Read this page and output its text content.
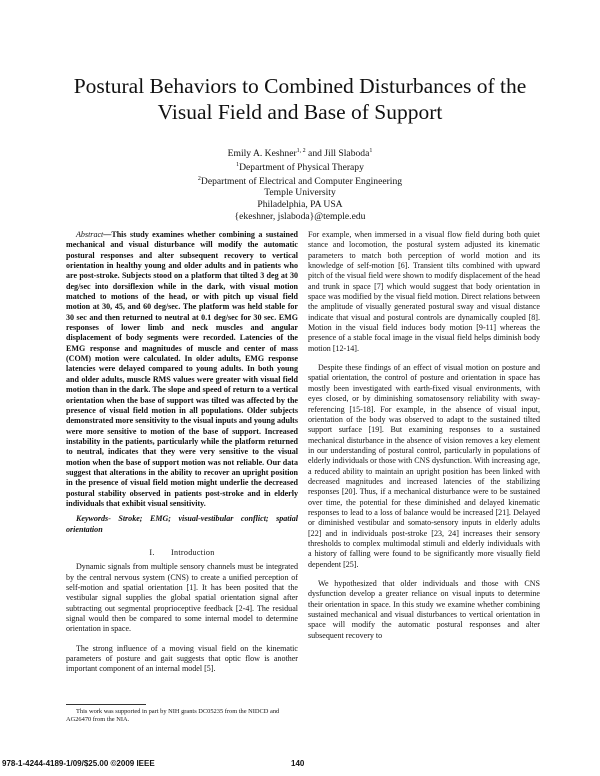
Postural Behaviors to Combined Disturbances of the
Visual Field and Base of Support
Emily A. Keshner$^{1, 2}$ and Jill Slaboda$^1$
$^1$Department of Physical Therapy
$^2$Department of Electrical and Computer Engineering
Temple University
Philadelphia, PA USA
{ekeshner, jslaboda}@temple.edu

Abstract—This study examines whether combining a sustained mechanical and visual disturbance will modify the automatic postural responses and alter subsequent recovery to vertical orientation in healthy young and older adults and in patients who are post-stroke. Subjects stood on a platform that tilted 3 deg at 30 deg/sec into dorsiflexion while in the dark, with visual motion matched to motions of the head, or with pitch up visual field motion at 30, 45, and 60 deg/sec. The platform was held stable for 30 sec and then returned to neutral at 0.1 deg/sec for 30 sec. EMG responses of lower limb and neck muscles and angular displacement of body segments were recorded. Latencies of the EMG response and magnitudes of muscle and center of mass (COM) motion were calculated. In older adults, EMG response latencies were delayed compared to young adults. In both young and older adults, muscle RMS values were greater with visual field motion than in the dark. The slope and speed of return to a vertical orientation when the base of support was tilted was affected by the presence of visual field motion in all populations. Older subjects demonstrated more sensitivity to the visual inputs and young adults were more sensitive to motion of the base of support. Increased instability in the patients, particularly while the platform returned to neutral, indicates that they were very sensitive to the visual motion when the base of support motion was not reliable. Our data suggest that alterations in the ability to recover an upright position in the presence of visual field motion might underlie the decreased postural stability observed in patients post-stroke and in elderly individuals that exhibit visual sensitivity.

Keywords- Stroke; EMG; visual-vestibular conflict; spatial orientation

I.       Introduction

Dynamic signals from multiple sensory channels must be integrated by the central nervous system (CNS) to create a unified perception of self-motion and spatial orientation [1]. It has been posited that the vestibular signal supplies the global spatial orientation signal after subtracting out segmental proprioceptive feedback [2-4]. The residual signal would then be compared to some internal model to determine orientation in space.

The strong influence of a moving visual field on the kinematic parameters of posture and gait suggests that optic flow is another important component of an internal model [5].

This work was supported in part by NIH grants DC05235 from the NIDCD and AG26470 from the NIA.

For example, when immersed in a visual flow field during both quiet stance and locomotion, the postural system adjusted its kinematic parameters to match both perception of world motion and its knowledge of self-motion [6]. Transient tilts combined with upward pitch of the visual field were shown to modify displacement of the head and trunk in space [7] which would suggest that body orientation in space was modified by the visual field motion. Direct relations between the amplitude of visually generated postural sway and visual distance indicate that visual and postural controls are dynamically coupled [8]. Motion in the visual field induces body motion [9-11] whereas the presence of a stable focal image in the visual field helps diminish body motion [12-14].

Despite these findings of an effect of visual motion on posture and spatial orientation, the control of posture and orientation in space has mostly been investigated with earth-fixed visual environments, with eyes closed, or by diminishing somatosensory reliability with sway-referencing [15-18]. For example, in the absence of visual input, orientation of the body was observed to adapt to the sustained tilted support surface [19]. But examining responses to a sustained mechanical disturbance in the absence of vision removes a key element in our understanding of postural control, particularly in populations of elderly individuals or those with CNS dysfunction. With increasing age, a reduced ability to maintain an upright position has been linked with decreased magnitudes and increased latencies of the stabilizing responses [20]. Thus, if a mechanical disturbance were to be sustained over time, the potential for these diminished and delayed kinematic responses to lead to a loss of balance would be increased [21]. Delayed or diminished vestibular and somato-sensory inputs in elderly adults [22] and in individuals post-stroke [23, 24] increases their sensory thresholds to complex multimodal stimuli and elderly individuals with a history of falling were found to be significantly more visually field dependent [25].

We hypothesized that older individuals and those with CNS dysfunction develop a greater reliance on visual inputs to determine their orientation in space. In this study we examine whether combining sustained mechanical and visual disturbances to vertical orientation in space will modify the automatic postural responses and alter subsequent recovery to

978-1-4244-4189-1/09/$25.00 ©2009 IEEE	140
